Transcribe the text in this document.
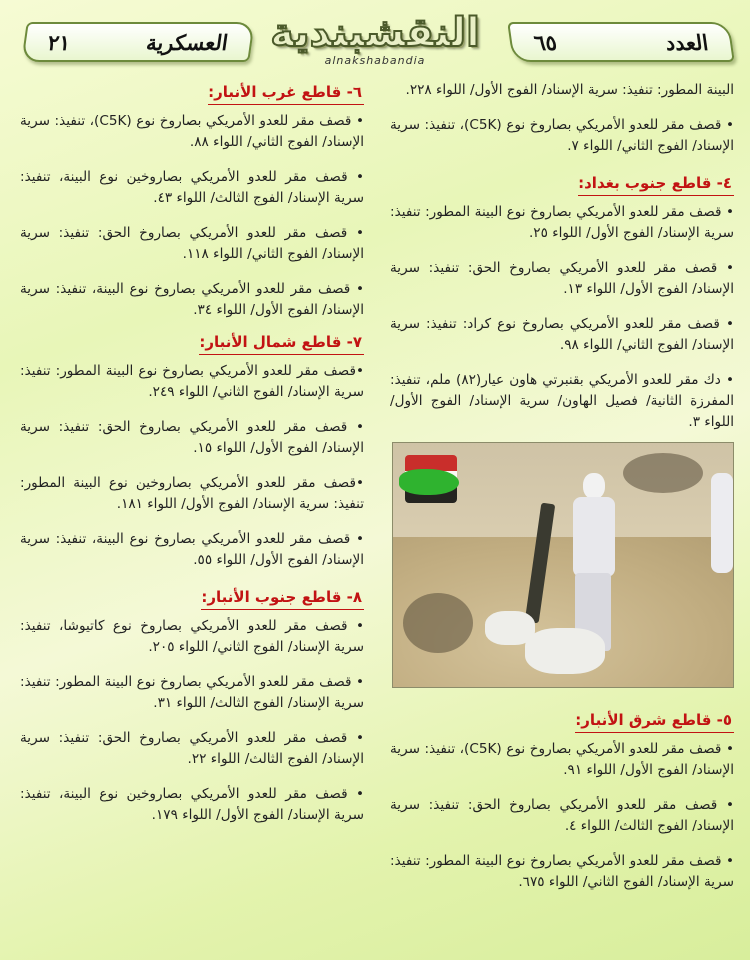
العسكرية
٢١	النقشبندية
alnakshabandia
العدد
٦٥
البينة المطور: تنفيذ: سرية الإسناد/ الفوج الأول/ اللواء ٢٢٨.
• قصف مقر للعدو الأمريكي بصاروخ نوع (C5K)، تنفيذ: سرية الإسناد/ الفوج الثاني/ اللواء ٧.
٤- قاطع جنوب بغداد:
• قصف مقر للعدو الأمريكي بصاروخ نوع البينة المطور: تنفيذ: سرية الإسناد/ الفوج الأول/ اللواء ٢٥.
• قصف مقر للعدو الأمريكي بصاروخ الحق: تنفيذ: سرية الإسناد/ الفوج الأول/ اللواء ١٣.
• قصف مقر للعدو الأمريكي بصاروخ نوع كراد: تنفيذ: سرية الإسناد/ الفوج الثاني/ اللواء ٩٨.
• دك مقر للعدو الأمريكي بقنبرتي هاون عيار(٨٢) ملم، تنفيذ: المفرزة الثانية/ فصيل الهاون/ سرية الإسناد/ الفوج الأول/ اللواء ٣.
٥- قاطع شرق الأنبار:
• قصف مقر للعدو الأمريكي بصاروخ نوع (C5K)، تنفيذ: سرية الإسناد/ الفوج الأول/ اللواء ٩١.
• قصف مقر للعدو الأمريكي بصاروخ الحق: تنفيذ: سرية الإسناد/ الفوج الثالث/ اللواء ٤.
• قصف مقر للعدو الأمريكي بصاروخ نوع البينة المطور: تنفيذ: سرية الإسناد/ الفوج الثاني/ اللواء ٦٧٥.
٦- قاطع غرب الأنبار:
• قصف مقر للعدو الأمريكي بصاروخ نوع (C5K)، تنفيذ: سرية الإسناد/ الفوج الثاني/ اللواء ٨٨.
• قصف مقر للعدو الأمريكي بصاروخين نوع البينة، تنفيذ: سرية الإسناد/ الفوج الثالث/ اللواء ٤٣.
• قصف مقر للعدو الأمريكي بصاروخ الحق: تنفيذ: سرية الإسناد/ الفوج الثاني/ اللواء ١١٨.
• قصف مقر للعدو الأمريكي بصاروخ نوع البينة، تنفيذ: سرية الإسناد/ الفوج الأول/ اللواء ٣٤.
٧- قاطع شمال الأنبار:
•قصف مقر للعدو الأمريكي بصاروخ نوع البينة المطور: تنفيذ: سرية الإسناد/ الفوج الثاني/ اللواء ٢٤٩.
• قصف مقر للعدو الأمريكي بصاروخ الحق: تنفيذ: سرية الإسناد/ الفوج الأول/ اللواء ١٥.
•قصف مقر للعدو الأمريكي بصاروخين نوع البينة المطور: تنفيذ: سرية الإسناد/ الفوج الأول/ اللواء ١٨١.
• قصف مقر للعدو الأمريكي بصاروخ نوع البينة، تنفيذ: سرية الإسناد/ الفوج الأول/ اللواء ٥٥.
٨- قاطع جنوب الأنبار:
• قصف مقر للعدو الأمريكي بصاروخ نوع كاتيوشا، تنفيذ: سرية الإسناد/ الفوج الثاني/ اللواء ٢٠٥.
• قصف مقر للعدو الأمريكي بصاروخ نوع البينة المطور: تنفيذ: سرية الإسناد/ الفوج الثالث/ اللواء ٣١.
• قصف مقر للعدو الأمريكي بصاروخ الحق: تنفيذ: سرية الإسناد/ الفوج الثالث/ اللواء ٢٢.
• قصف مقر للعدو الأمريكي بصاروخين نوع البينة، تنفيذ: سرية الإسناد/ الفوج الأول/ اللواء ١٧٩.
